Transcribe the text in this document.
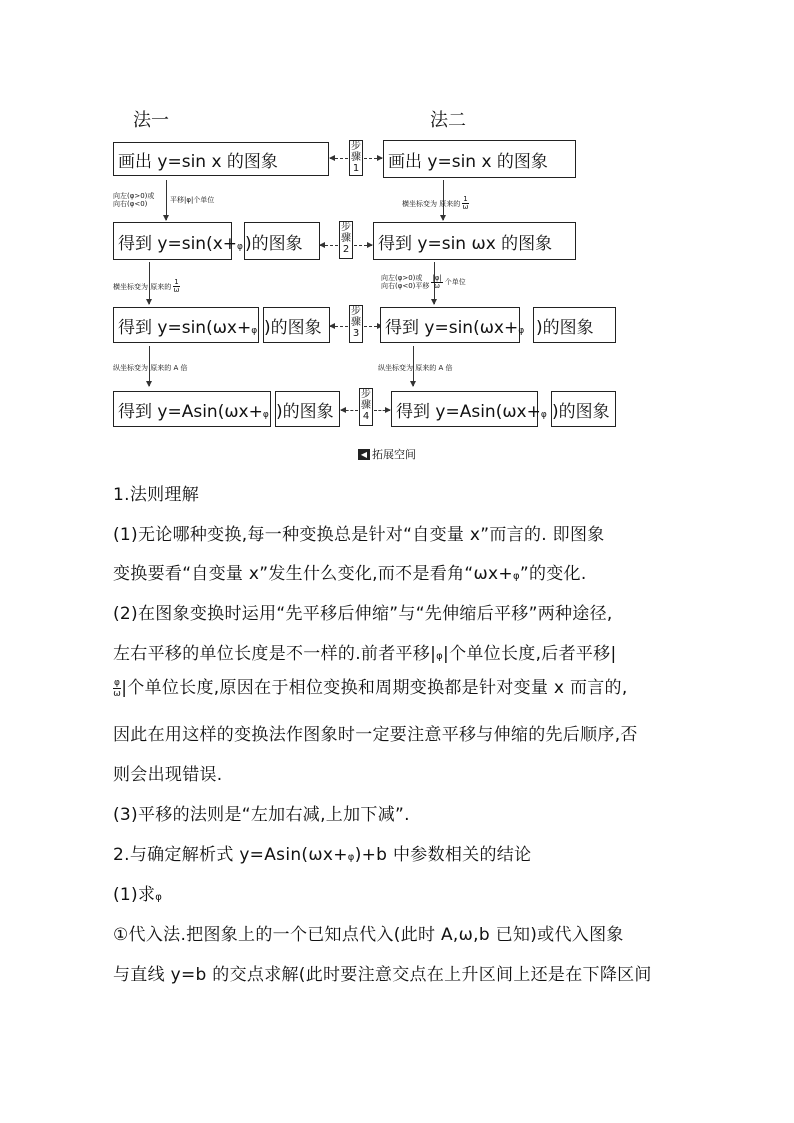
法一	法二
画出 y=sin x 的图象
步
骤
1 画出 y=sin x 的图象
向左(φ>0)或
向右(φ<0)	平移|φ|个单位	横坐标变为 原来的
1
ω
得到 y=sin(x+ φ )的图象
步
骤
2 得到 y=sin ωx 的图象
横坐标变为 原来的
1
ω
向左(φ>0)或
向右(φ<0)平移
|φ|
ω 个单位
得到 y=sin(ωx+ φ )的图象
步
骤
3 得到 y=sin(ωx+ φ )的图象
纵坐标变为 原来的 A 倍	纵坐标变为 原来的 A 倍
得到 y=Asin(ωx+ φ )的图象
步
骤
4 得到 y=Asin(ωx+ φ )的图象
◀ 拓展空间
1.法则理解
(1)无论哪种变换,每一种变换总是针对“自变量 x”而言的. 即图象
变换要看“自变量 x”发生什么变化,而不是看角“ωx+φ”的变化.
(2)在图象变换时运用“先平移后伸缩”与“先伸缩后平移”两种途径,
左右平移的单位长度是不一样的.前者平移|φ|个单位长度,后者平移|
$\frac{\varphi}{\omega}$ |个单位长度,原因在于相位变换和周期变换都是针对变量 x 而言的,
因此在用这样的变换法作图象时一定要注意平移与伸缩的先后顺序,否
则会出现错误.
(3)平移的法则是“左加右减,上加下减”.
2.与确定解析式 y=Asin(ωx+φ)+b 中参数相关的结论
(1)求φ
①代入法.把图象上的一个已知点代入(此时 A,ω,b 已知)或代入图象
与直线 y=b 的交点求解(此时要注意交点在上升区间上还是在下降区间
